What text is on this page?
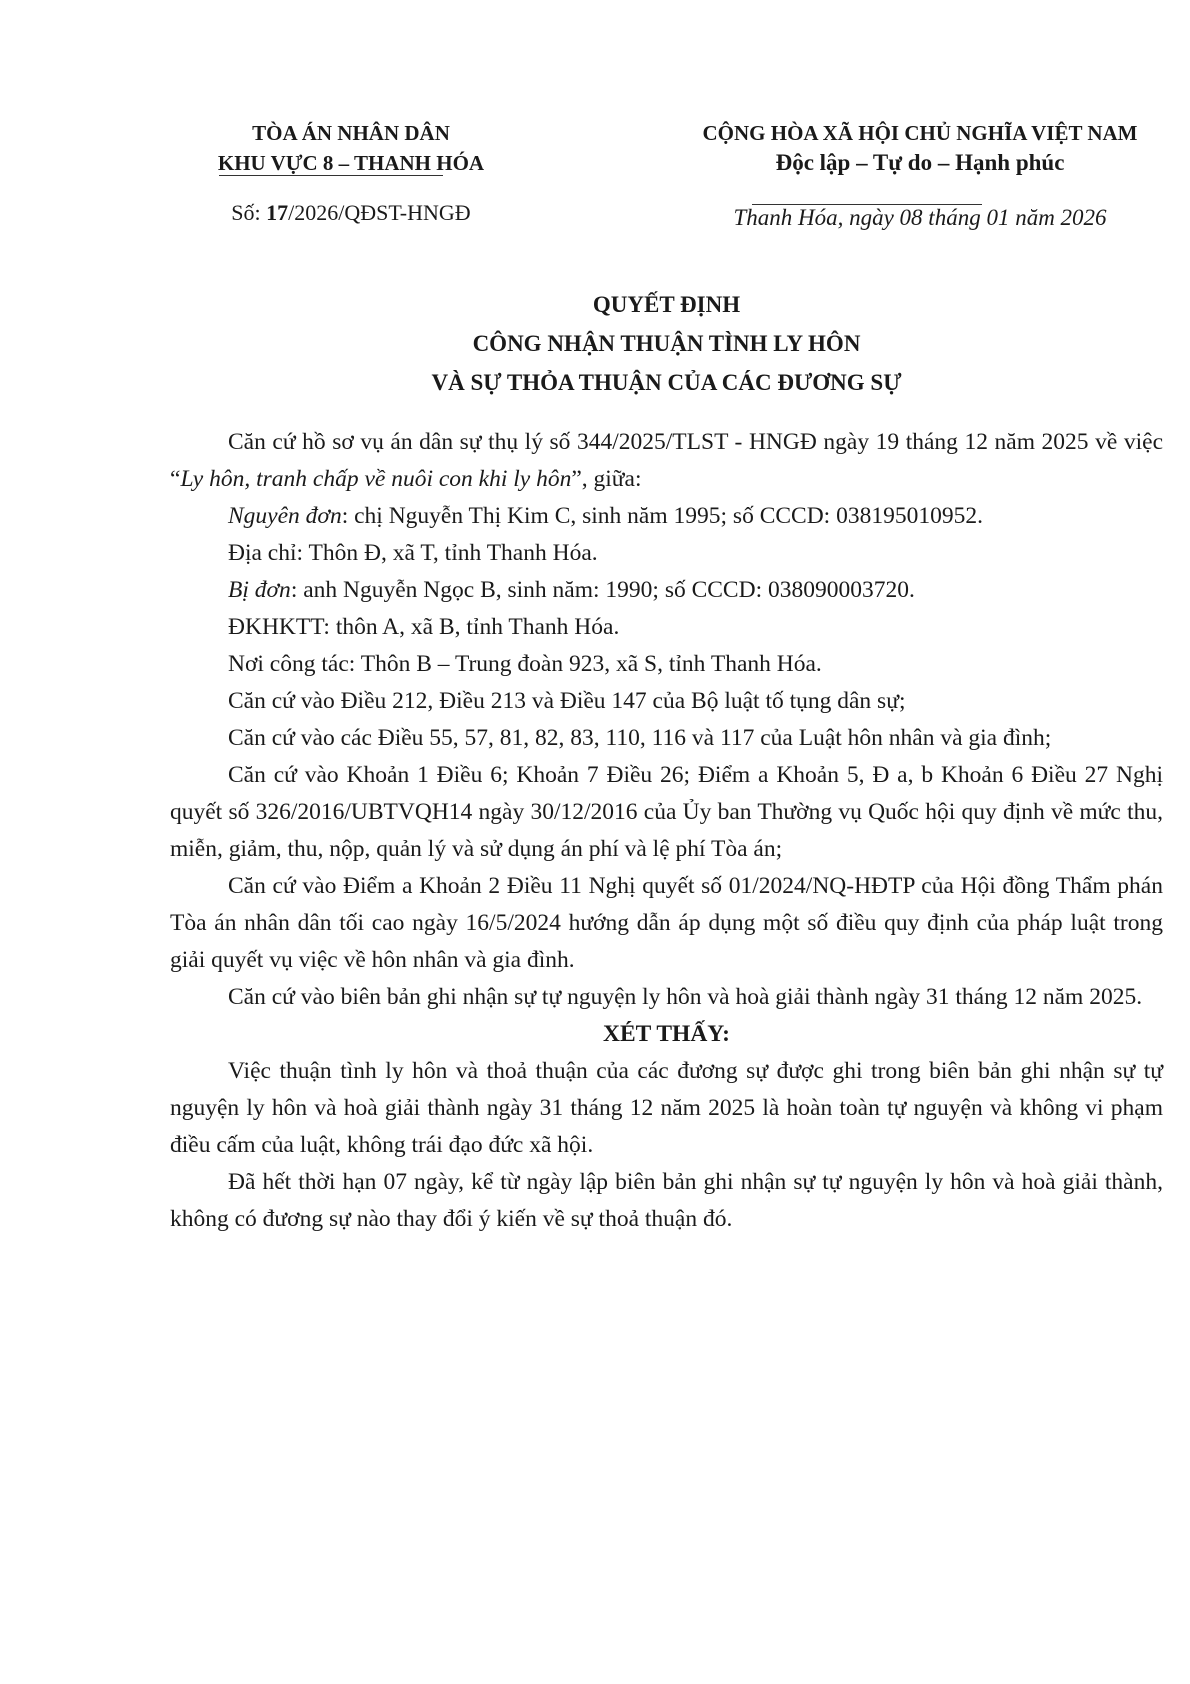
TÒA ÁN NHÂN DÂN
KHU VỰC 8 – THANH HÓA
Số: 17/2026/QĐST-HNGĐ
CỘNG HÒA XÃ HỘI CHỦ NGHĨA VIỆT NAM
Độc lập – Tự do – Hạnh phúc
Thanh Hóa, ngày 08 tháng 01 năm 2026
QUYẾT ĐỊNH
CÔNG NHẬN THUẬN TÌNH LY HÔN
VÀ SỰ THỎA THUẬN CỦA CÁC ĐƯƠNG SỰ

Căn cứ hồ sơ vụ án dân sự thụ lý số 344/2025/TLST - HNGĐ ngày 19 tháng 12 năm 2025 về việc “Ly hôn, tranh chấp về nuôi con khi ly hôn”, giữa:

Nguyên đơn: chị Nguyễn Thị Kim C, sinh năm 1995; số CCCD: 038195010952.

Địa chỉ: Thôn Đ, xã T, tỉnh Thanh Hóa.

Bị đơn: anh Nguyễn Ngọc B, sinh năm: 1990; số CCCD: 038090003720.

ĐKHKTT: thôn A, xã B, tỉnh Thanh Hóa.

Nơi công tác: Thôn B – Trung đoàn 923, xã S, tỉnh Thanh Hóa.

Căn cứ vào Điều 212, Điều 213 và Điều 147 của Bộ luật tố tụng dân sự;

Căn cứ vào các Điều 55, 57, 81, 82, 83, 110, 116 và 117 của Luật hôn nhân và gia đình;

Căn cứ vào Khoản 1 Điều 6; Khoản 7 Điều 26; Điểm a Khoản 5, Đ a, b Khoản 6 Điều 27 Nghị quyết số 326/2016/UBTVQH14 ngày 30/12/2016 của Ủy ban Thường vụ Quốc hội quy định về mức thu, miễn, giảm, thu, nộp, quản lý và sử dụng án phí và lệ phí Tòa án;

Căn cứ vào Điểm a Khoản 2 Điều 11 Nghị quyết số 01/2024/NQ-HĐTP của Hội đồng Thẩm phán Tòa án nhân dân tối cao ngày 16/5/2024 hướng dẫn áp dụng một số điều quy định của pháp luật trong giải quyết vụ việc về hôn nhân và gia đình.

Căn cứ vào biên bản ghi nhận sự tự nguyện ly hôn và hoà giải thành ngày 31 tháng 12 năm 2025.

XÉT THẤY:

Việc thuận tình ly hôn và thoả thuận của các đương sự được ghi trong biên bản ghi nhận sự tự nguyện ly hôn và hoà giải thành ngày 31 tháng 12 năm 2025 là hoàn toàn tự nguyện và không vi phạm điều cấm của luật, không trái đạo đức xã hội.

Đã hết thời hạn 07 ngày, kể từ ngày lập biên bản ghi nhận sự tự nguyện ly hôn và hoà giải thành, không có đương sự nào thay đổi ý kiến về sự thoả thuận đó.
